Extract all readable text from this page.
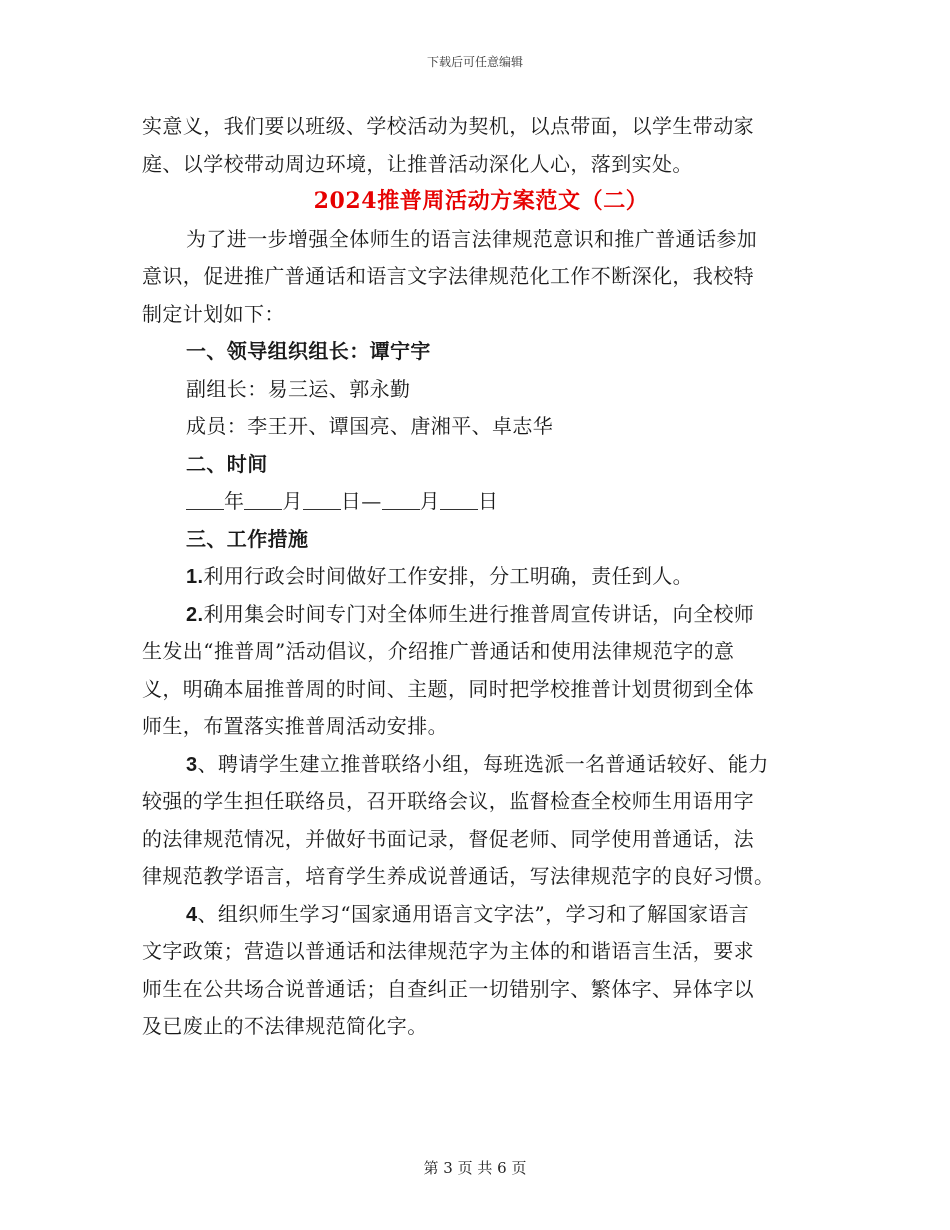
下载后可任意编辑
实意义，我们要以班级、学校活动为契机，以点带面，以学生带动家
庭、以学校带动周边环境，让推普活动深化人心，落到实处。
2024推普周活动方案范文（二）
为了进一步增强全体师生的语言法律规范意识和推广普通话参加
意识，促进推广普通话和语言文字法律规范化工作不断深化，我校特
制定计划如下：
一、领导组织组长：谭宁宇
副组长：易三运、郭永勤
成员：李王开、谭国亮、唐湘平、卓志华
二、时间
年 月 日— 月 日
三、工作措施
1.利用行政会时间做好工作安排，分工明确，责任到人。
2.利用集会时间专门对全体师生进行推普周宣传讲话，向全校师
生发出“推普周”活动倡议，介绍推广普通话和使用法律规范字的意
义，明确本届推普周的时间、主题，同时把学校推普计划贯彻到全体
师生，布置落实推普周活动安排。
3、聘请学生建立推普联络小组，每班选派一名普通话较好、能力
较强的学生担任联络员，召开联络会议，监督检查全校师生用语用字
的法律规范情况，并做好书面记录，督促老师、同学使用普通话，法
律规范教学语言，培育学生养成说普通话，写法律规范字的良好习惯。
4、组织师生学习“国家通用语言文字法”，学习和了解国家语言
文字政策；营造以普通话和法律规范字为主体的和谐语言生活，要求
师生在公共场合说普通话；自查纠正一切错别字、繁体字、异体字以
及已废止的不法律规范简化字。
第 3 页 共 6 页
